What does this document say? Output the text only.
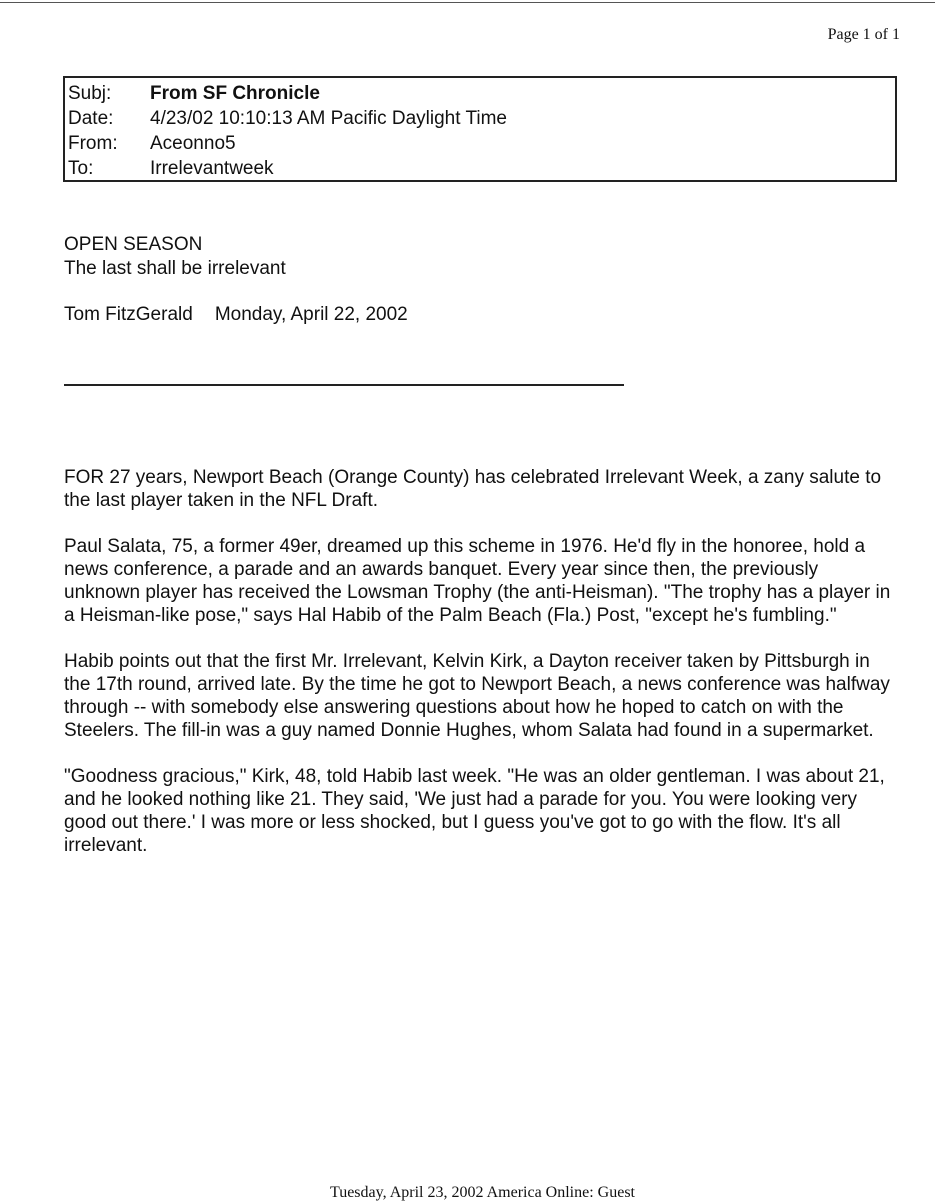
Page 1 of 1
Subj: From SF Chronicle
Date: 4/23/02 10:10:13 AM Pacific Daylight Time
From: Aceonno5
To:	Irrelevantweek
OPEN SEASON
The last shall be irrelevant
Tom FitzGerald Monday, April 22, 2002

FOR 27 years, Newport Beach (Orange County) has celebrated Irrelevant Week, a zany salute to the last player taken in the NFL Draft.

Paul Salata, 75, a former 49er, dreamed up this scheme in 1976. He'd fly in the honoree, hold a news conference, a parade and an awards banquet. Every year since then, the previously unknown player has received the Lowsman Trophy (the anti-Heisman). "The trophy has a player in a Heisman-like pose," says Hal Habib of the Palm Beach (Fla.) Post, "except he's fumbling."

Habib points out that the first Mr. Irrelevant, Kelvin Kirk, a Dayton receiver taken by Pittsburgh in the 17th round, arrived late. By the time he got to Newport Beach, a news conference was halfway through -- with somebody else answering questions about how he hoped to catch on with the Steelers. The fill-in was a guy named Donnie Hughes, whom Salata had found in a supermarket.

"Goodness gracious," Kirk, 48, told Habib last week. "He was an older gentleman. I was about 21, and he looked nothing like 21. They said, 'We just had a parade for you. You were looking very good out there.' I was more or less shocked, but I guess you've got to go with the flow. It's all irrelevant.

Tuesday, April 23, 2002 America Online: Guest
